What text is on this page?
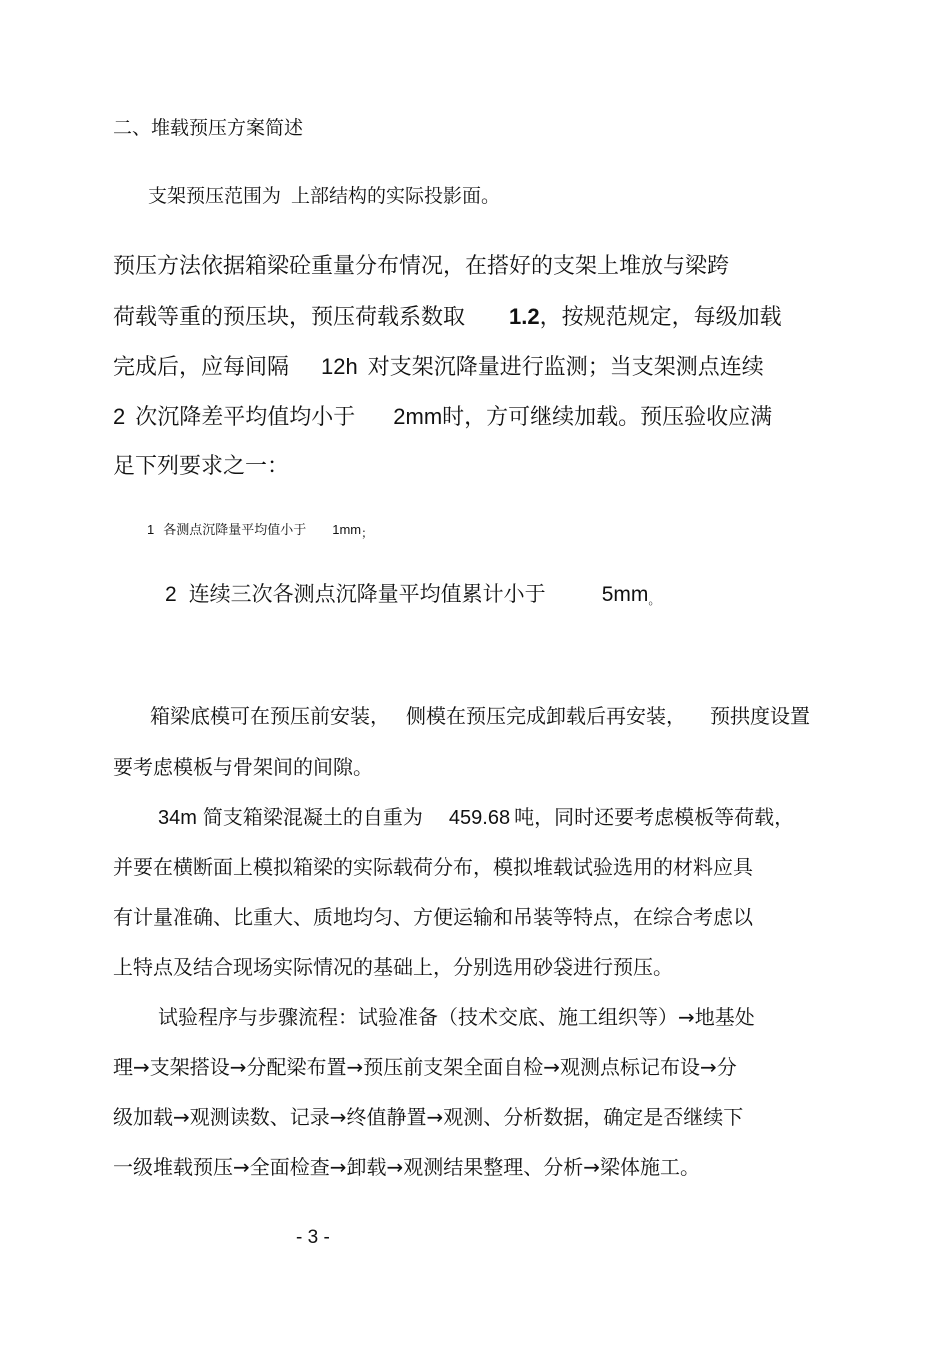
二、堆载预压方案简述
支架预压范围为 上部结构的实际投影面。
预压方法依据箱梁砼重量分布情况，在搭好的支架上堆放与梁跨
荷载等重的预压块，预压荷载系数取 1.2，按规范规定，每级加载
完成后，应每间隔 12h 对支架沉降量进行监测；当支架测点连续
2 次沉降差平均值均小于 2mm时，方可继续加载。预压验收应满
足下列要求之一：
1 各测点沉降量平均值小于 1mm；
2 连续三次各测点沉降量平均值累计小于	$5mm_。$
箱梁底模可在预压前安装， 侧模在预压完成卸载后再安装， 预拱度设置
要考虑模板与骨架间的间隙。
34m 简支箱梁混凝土的自重为 459.68 吨，同时还要考虑模板等荷载，
并要在横断面上模拟箱梁的实际载荷分布，模拟堆载试验选用的材料应具
有计量准确、比重大、质地均匀、方便运输和吊装等特点，在综合考虑以
上特点及结合现场实际情况的基础上，分别选用砂袋进行预压。
试验程序与步骤流程：试验准备（技术交底、施工组织等）→地基处
理→支架搭设→分配梁布置→预压前支架全面自检→观测点标记布设→分
级加载→观测读数、记录→终值静置→观测、分析数据，确定是否继续下
一级堆载预压→全面检查→卸载→观测结果整理、分析→梁体施工。
- 3 -
